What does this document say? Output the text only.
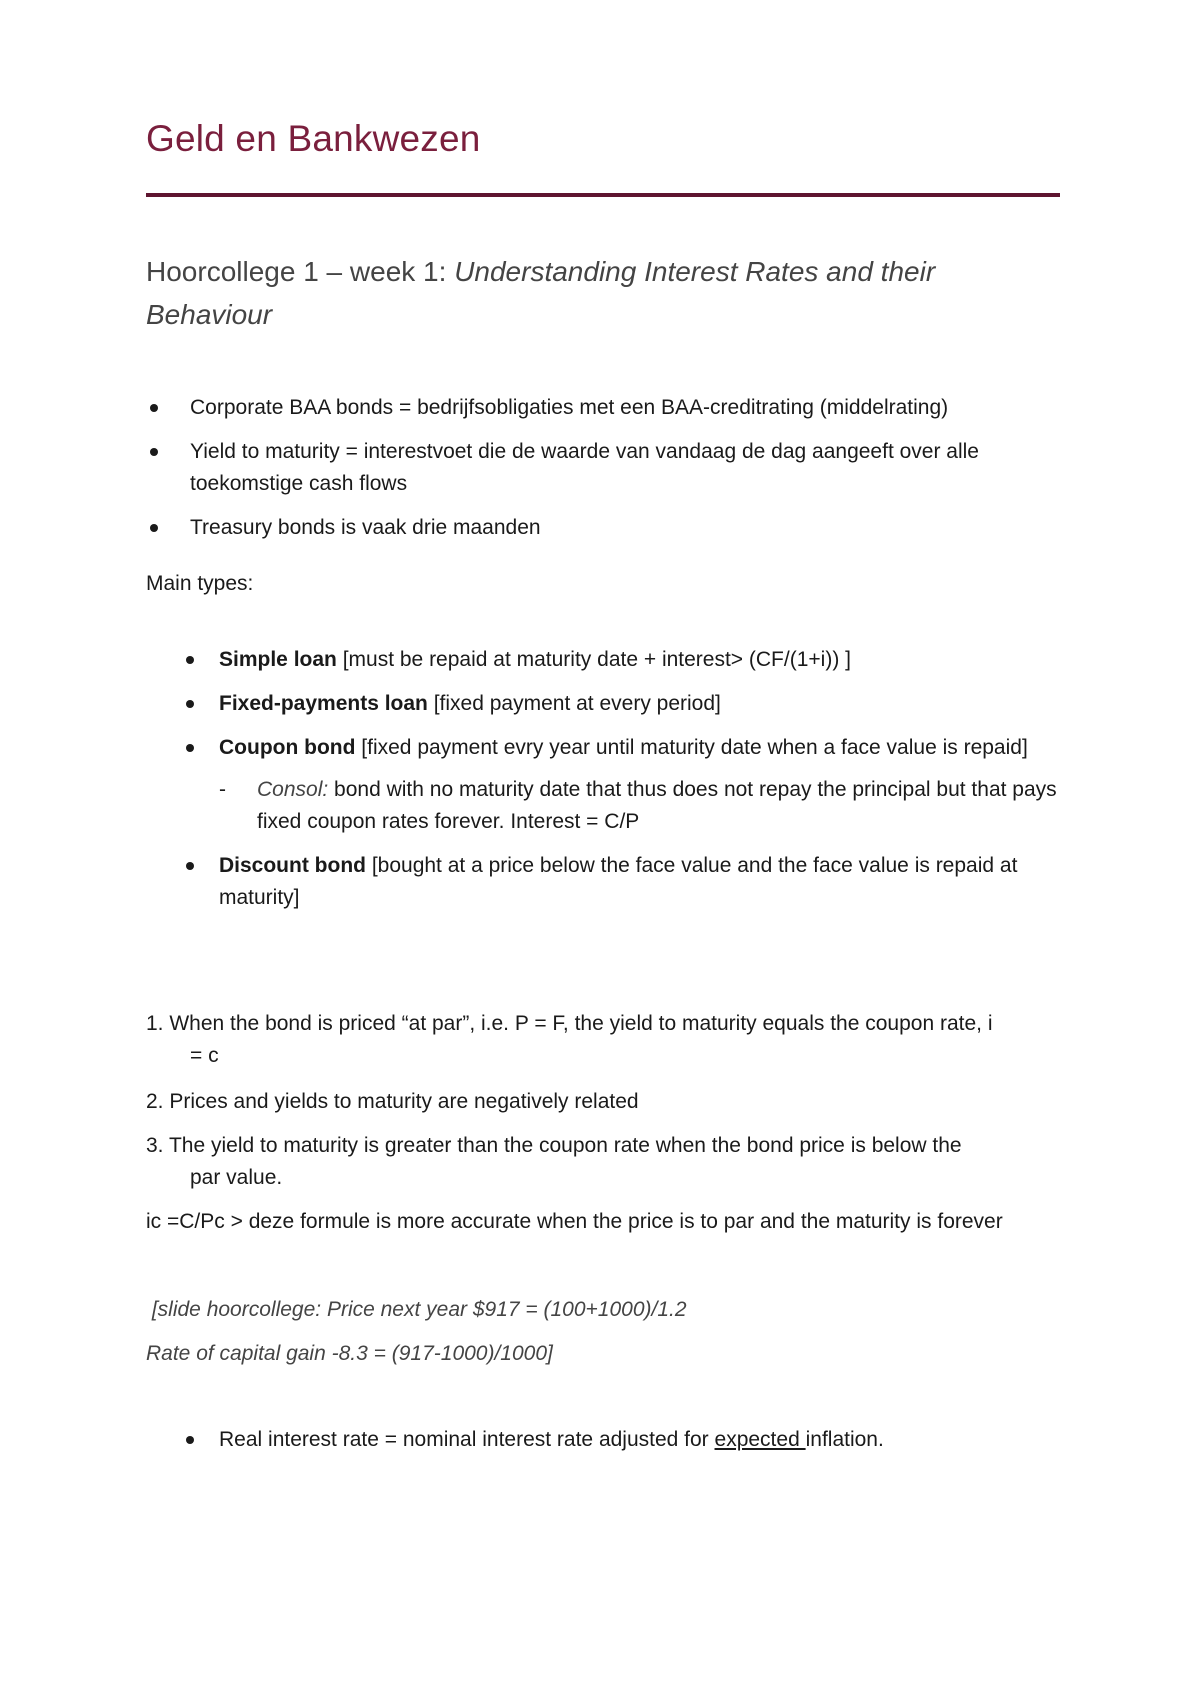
Geld en Bankwezen
Hoorcollege 1 – week 1: Understanding Interest Rates and their Behaviour
Corporate BAA bonds = bedrijfsobligaties met een BAA-creditrating (middelrating)
Yield to maturity = interestvoet die de waarde van vandaag de dag aangeeft over alle toekomstige cash flows
Treasury bonds is vaak drie maanden
Main types:
Simple loan [must be repaid at maturity date + interest> (CF/(1+i)) ]
Fixed-payments loan [fixed payment at every period]
Coupon bond [fixed payment evry year until maturity date when a face value is repaid]
- Consol: bond with no maturity date that thus does not repay the principal but that pays fixed coupon rates forever. Interest = C/P
Discount bond [bought at a price below the face value and the face value is repaid at maturity]
1. When the bond is priced “at par”, i.e. P = F, the yield to maturity equals the coupon rate, i
= c
2. Prices and yields to maturity are negatively related
3. The yield to maturity is greater than the coupon rate when the bond price is below the
par value.
ic =C/Pc > deze formule is more accurate when the price is to par and the maturity is forever
[slide hoorcollege: Price next year $917 = (100+1000)/1.2
Rate of capital gain -8.3 = (917-1000)/1000]
Real interest rate = nominal interest rate adjusted for expected inflation.
